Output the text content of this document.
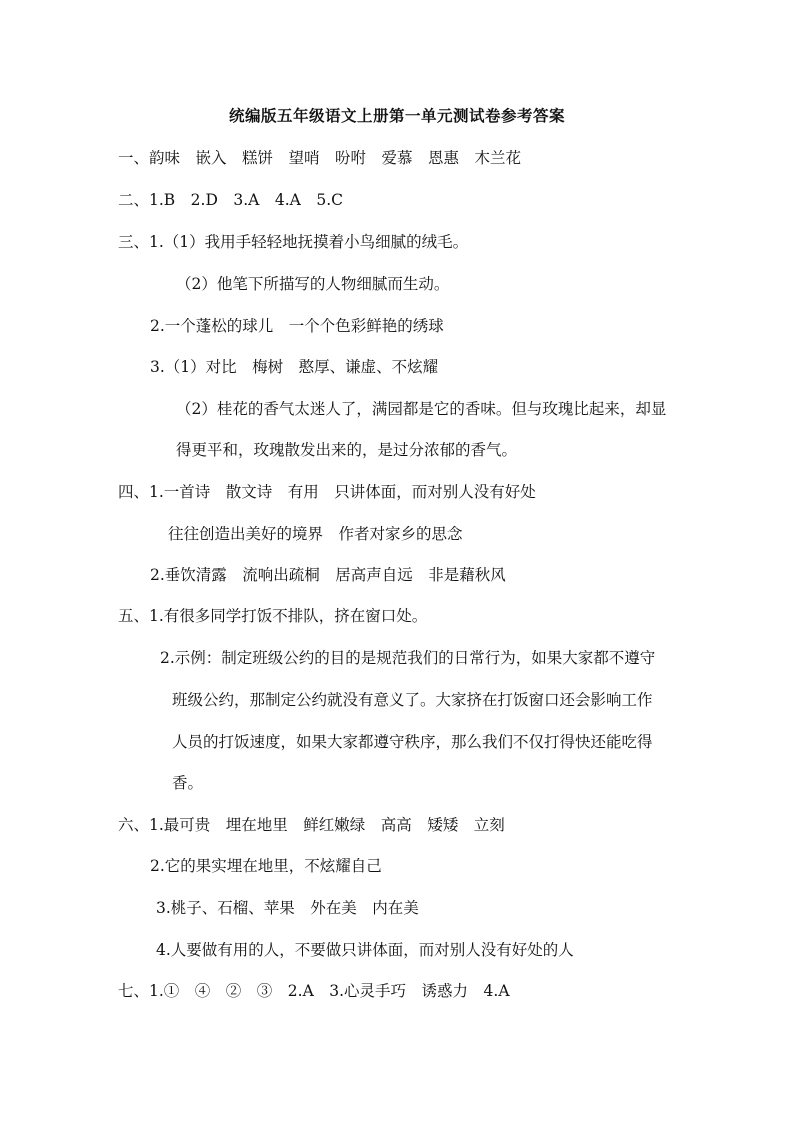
统编版五年级语文上册第一单元测试卷参考答案
一、韵味　嵌入　糕饼　望哨　吩咐　爱慕　恩惠　木兰花
二、1.B　2.D　3.A　4.A　5.C
三、1.（1）我用手轻轻地抚摸着小鸟细腻的绒毛。
（2）他笔下所描写的人物细腻而生动。
2.一个蓬松的球儿　一个个色彩鲜艳的绣球
3.（1）对比　梅树　憨厚、谦虚、不炫耀
（2）桂花的香气太迷人了，满园都是它的香味。但与玫瑰比起来，却显
得更平和，玫瑰散发出来的，是过分浓郁的香气。
四、1.一首诗　散文诗　有用　只讲体面，而对别人没有好处
往往创造出美好的境界　作者对家乡的思念
2.垂饮清露　流响出疏桐　居高声自远　非是藉秋风
五、1.有很多同学打饭不排队，挤在窗口处。
2.示例：制定班级公约的目的是规范我们的日常行为，如果大家都不遵守
班级公约，那制定公约就没有意义了。大家挤在打饭窗口还会影响工作
人员的打饭速度，如果大家都遵守秩序，那么我们不仅打得快还能吃得
香。
六、1.最可贵　埋在地里　鲜红嫩绿　高高　矮矮　立刻
2.它的果实埋在地里，不炫耀自己
3.桃子、石榴、苹果　外在美　内在美
4.人要做有用的人，不要做只讲体面，而对别人没有好处的人
七、1.①　④　②　③　2.A　3.心灵手巧　诱惑力　4.A
